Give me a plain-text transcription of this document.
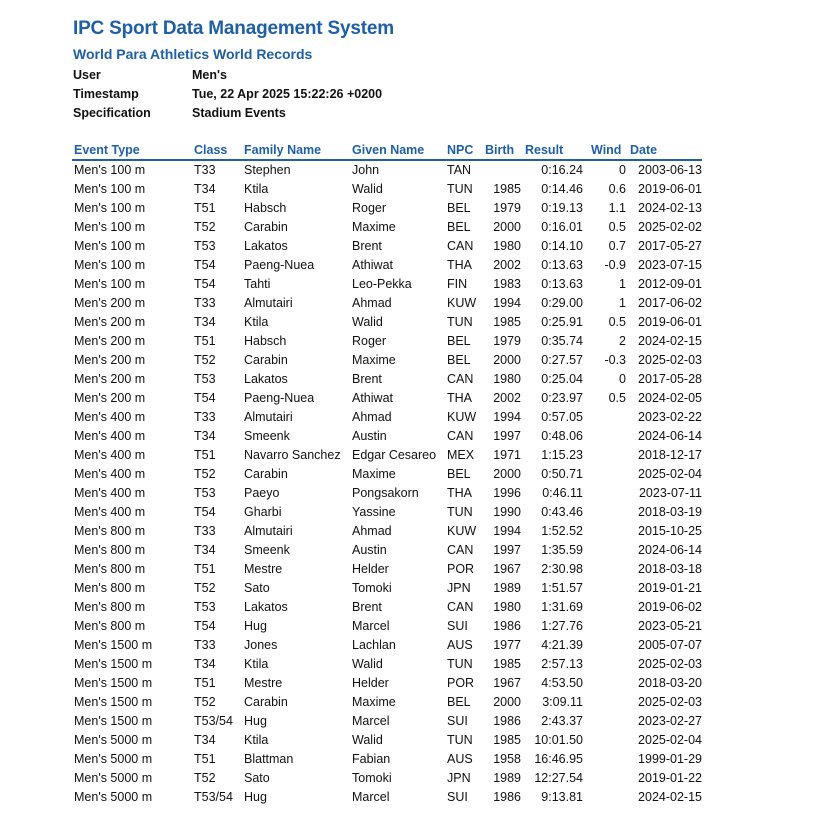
IPC Sport Data Management System
World Para Athletics World Records
User	Men's
Timestamp	Tue, 22 Apr 2025 15:22:26 +0200
Specification	Stadium Events
Event Type	Class	Family Name	Given Name	NPC	Birth	Result	Wind	Date
Men's 100 m	T33	Stephen	John	TAN		0:16.24	0	2003-06-13
Men's 100 m	T34	Ktila	Walid	TUN	1985	0:14.46	0.6	2019-06-01
Men's 100 m	T51	Habsch	Roger	BEL	1979	0:19.13	1.1	2024-02-13
Men's 100 m	T52	Carabin	Maxime	BEL	2000	0:16.01	0.5	2025-02-02
Men's 100 m	T53	Lakatos	Brent	CAN	1980	0:14.10	0.7	2017-05-27
Men's 100 m	T54	Paeng-Nuea	Athiwat	THA	2002	0:13.63	-0.9	2023-07-15
Men's 100 m	T54	Tahti	Leo-Pekka	FIN	1983	0:13.63	1	2012-09-01
Men's 200 m	T33	Almutairi	Ahmad	KUW	1994	0:29.00	1	2017-06-02
Men's 200 m	T34	Ktila	Walid	TUN	1985	0:25.91	0.5	2019-06-01
Men's 200 m	T51	Habsch	Roger	BEL	1979	0:35.74	2	2024-02-15
Men's 200 m	T52	Carabin	Maxime	BEL	2000	0:27.57	-0.3	2025-02-03
Men's 200 m	T53	Lakatos	Brent	CAN	1980	0:25.04	0	2017-05-28
Men's 200 m	T54	Paeng-Nuea	Athiwat	THA	2002	0:23.97	0.5	2024-02-05
Men's 400 m	T33	Almutairi	Ahmad	KUW	1994	0:57.05		2023-02-22
Men's 400 m	T34	Smeenk	Austin	CAN	1997	0:48.06		2024-06-14
Men's 400 m	T51	Navarro Sanchez	Edgar Cesareo	MEX	1971	1:15.23		2018-12-17
Men's 400 m	T52	Carabin	Maxime	BEL	2000	0:50.71		2025-02-04
Men's 400 m	T53	Paeyo	Pongsakorn	THA	1996	0:46.11		2023-07-11
Men's 400 m	T54	Gharbi	Yassine	TUN	1990	0:43.46		2018-03-19
Men's 800 m	T33	Almutairi	Ahmad	KUW	1994	1:52.52		2015-10-25
Men's 800 m	T34	Smeenk	Austin	CAN	1997	1:35.59		2024-06-14
Men's 800 m	T51	Mestre	Helder	POR	1967	2:30.98		2018-03-18
Men's 800 m	T52	Sato	Tomoki	JPN	1989	1:51.57		2019-01-21
Men's 800 m	T53	Lakatos	Brent	CAN	1980	1:31.69		2019-06-02
Men's 800 m	T54	Hug	Marcel	SUI	1986	1:27.76		2023-05-21
Men's 1500 m	T33	Jones	Lachlan	AUS	1977	4:21.39		2005-07-07
Men's 1500 m	T34	Ktila	Walid	TUN	1985	2:57.13		2025-02-03
Men's 1500 m	T51	Mestre	Helder	POR	1967	4:53.50		2018-03-20
Men's 1500 m	T52	Carabin	Maxime	BEL	2000	3:09.11		2025-02-03
Men's 1500 m	T53/54	Hug	Marcel	SUI	1986	2:43.37		2023-02-27
Men's 5000 m	T34	Ktila	Walid	TUN	1985	10:01.50		2025-02-04
Men's 5000 m	T51	Blattman	Fabian	AUS	1958	16:46.95		1999-01-29
Men's 5000 m	T52	Sato	Tomoki	JPN	1989	12:27.54		2019-01-22
Men's 5000 m	T53/54	Hug	Marcel	SUI	1986	9:13.81		2024-02-15
